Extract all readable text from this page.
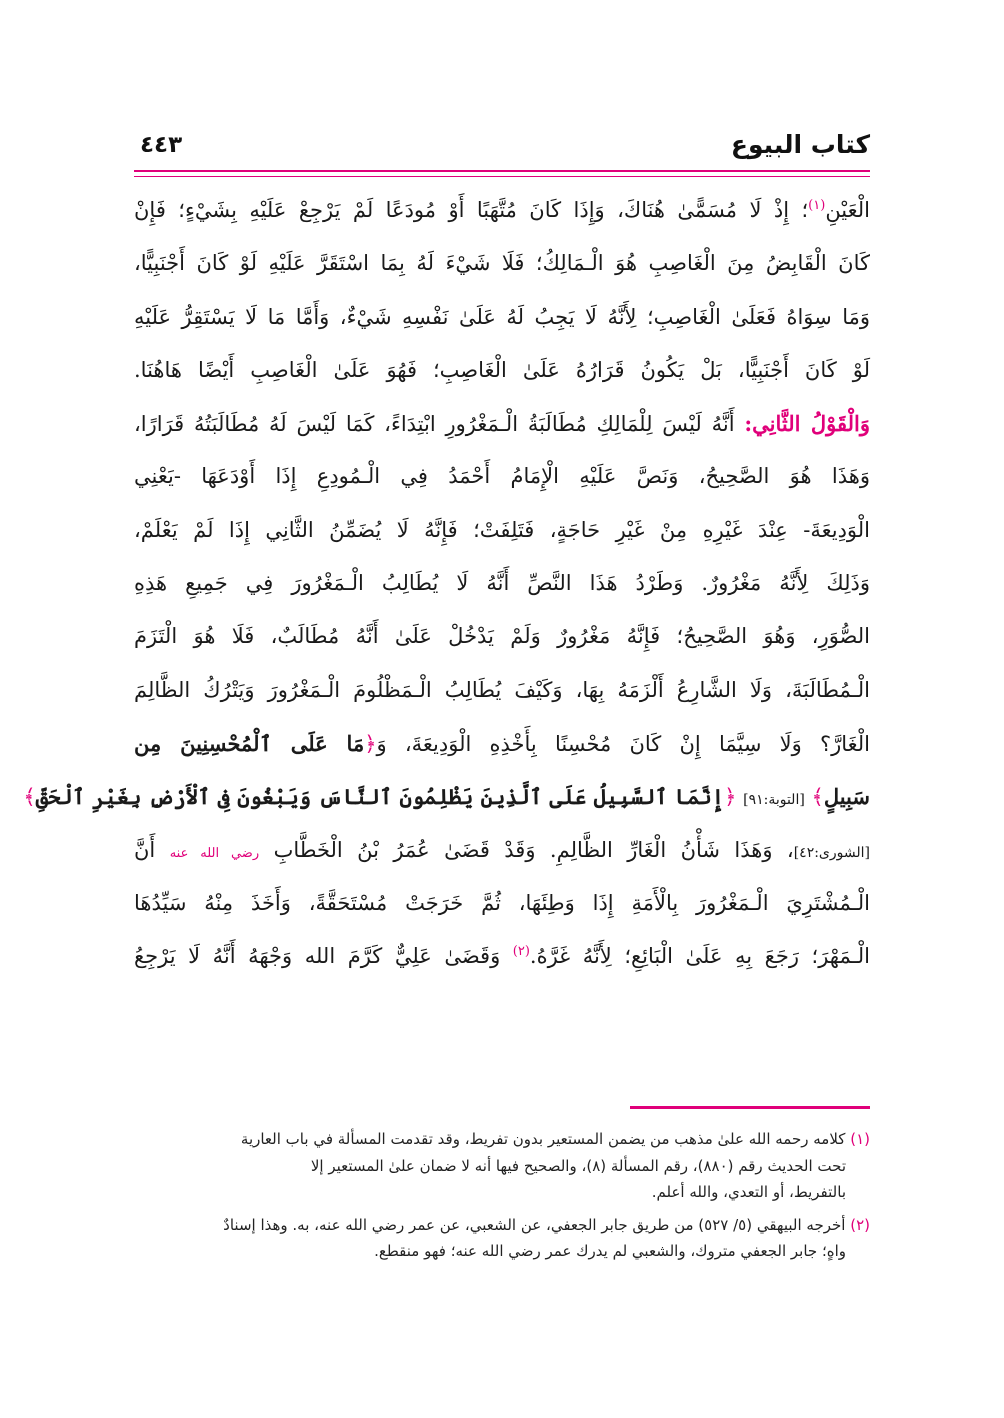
كتاب البيوع
٤٤٣
الْعَيْنِ$^{(١)}$؛ إِذْ لَا مُسَمًّىٰ هُنَاكَ، وَإِذَا كَانَ مُتَّهَبًا أَوْ مُودَعًا لَمْ يَرْجِعْ عَلَيْهِ بِشَيْءٍ؛ فَإِنْ
كَانَ الْقَابِضُ مِنَ الْغَاصِبِ هُوَ الْـمَالِكُ؛ فَلَا شَيْءَ لَهُ بِمَا اسْتَقَرَّ عَلَيْهِ لَوْ كَانَ أَجْنَبِيًّا،
وَمَا سِوَاهُ فَعَلَىٰ الْغَاصِبِ؛ لِأَنَّهُ لَا يَجِبُ لَهُ عَلَىٰ نَفْسِهِ شَيْءٌ، وَأَمَّا مَا لَا يَسْتَقِرُّ عَلَيْهِ
لَوْ كَانَ أَجْنَبِيًّا، بَلْ يَكُونُ قَرَارُهُ عَلَىٰ الْغَاصِبِ؛ فَهُوَ عَلَىٰ الْغَاصِبِ أَيْضًا هَاهُنَا.
وَالْقَوْلُ الثَّانِي: أَنَّهُ لَيْسَ لِلْمَالِكِ مُطَالَبَةُ الْـمَغْرُورِ ابْتِدَاءً، كَمَا لَيْسَ لَهُ مُطَالَبَتُهُ قَرَارًا،
وَهَذَا هُوَ الصَّحِيحُ، وَنَصَّ عَلَيْهِ الْإِمَامُ أَحْمَدُ فِي الْـمُودِعِ إِذَا أَوْدَعَهَا -يَعْنِي
الْوَدِيعَةَ- عِنْدَ غَيْرِهِ مِنْ غَيْرِ حَاجَةٍ، فَتَلِفَتْ؛ فَإِنَّهُ لَا يُضَمِّنُ الثَّانِي إِذَا لَمْ يَعْلَمْ،
وَذَلِكَ لِأَنَّهُ مَغْرُورٌ. وَطَرْدُ هَذَا النَّصِّ أَنَّهُ لَا يُطَالِبُ الْـمَغْرُورَ فِي جَمِيعِ هَذِهِ
الصُّوَرِ، وَهُوَ الصَّحِيحُ؛ فَإِنَّهُ مَغْرُورٌ وَلَمْ يَدْخُلْ عَلَىٰ أَنَّهُ مُطَالَبٌ، فَلَا هُوَ الْتَزَمَ
الْـمُطَالَبَةَ، وَلَا الشَّارِعُ أَلْزَمَهُ بِهَا، وَكَيْفَ يُطَالِبُ الْـمَظْلُومَ الْـمَغْرُورَ وَيَتْرُكُ الظَّالِمَ
الْغَارَّ؟ وَلَا سِيَّمَا إِنْ كَانَ مُحْسِنًا بِأَخْذِهِ الْوَدِيعَةَ، وَ﴿مَا عَلَى ٱلْمُحْسِنِينَ مِن
سَبِيلٍ﴾ [التوبة:٩١] ﴿إِنَّمَا ٱلسَّبِيلُ عَلَى ٱلَّذِينَ يَظْلِمُونَ ٱلنَّاسَ وَيَبْغُونَ فِى ٱلْأَرْضِ بِغَيْرِ ٱلْحَقِّ﴾
[الشورى:٤٢]، وَهَذَا شَأْنُ الْغَارِّ الظَّالِمِ. وَقَدْ قَضَىٰ عُمَرُ بْنُ الْخَطَّابِ رضي الله عنه أَنَّ
الْـمُشْتَرِيَ الْـمَغْرُورَ بِالْأَمَةِ إِذَا وَطِئَهَا، ثُمَّ خَرَجَتْ مُسْتَحَقَّةً، وَأَخَذَ مِنْهُ سَيِّدُهَا
الْـمَهْرَ؛ رَجَعَ بِهِ عَلَىٰ الْبَائِعِ؛ لِأَنَّهُ غَرَّهُ.$^{(٢)}$ وَقَضَىٰ عَلِيٌّ كَرَّمَ الله وَجْهَهُ أَنَّهُ لَا يَرْجِعُ
(١) كلامه رحمه الله علىٰ مذهب من يضمن المستعير بدون تفريط، وقد تقدمت المسألة في باب العارية
تحت الحديث رقم (٨٨٠)، رقم المسألة (٨)، والصحيح فيها أنه لا ضمان علىٰ المستعير إلا
بالتفريط، أو التعدي، والله أعلم.
(٢) أخرجه البيهقي (٥/ ٥٢٧) من طريق جابر الجعفي، عن الشعبي، عن عمر رضي الله عنه، به. وهذا إسنادٌ
واهٍ؛ جابر الجعفي متروك، والشعبي لم يدرك عمر رضي الله عنه؛ فهو منقطع.
